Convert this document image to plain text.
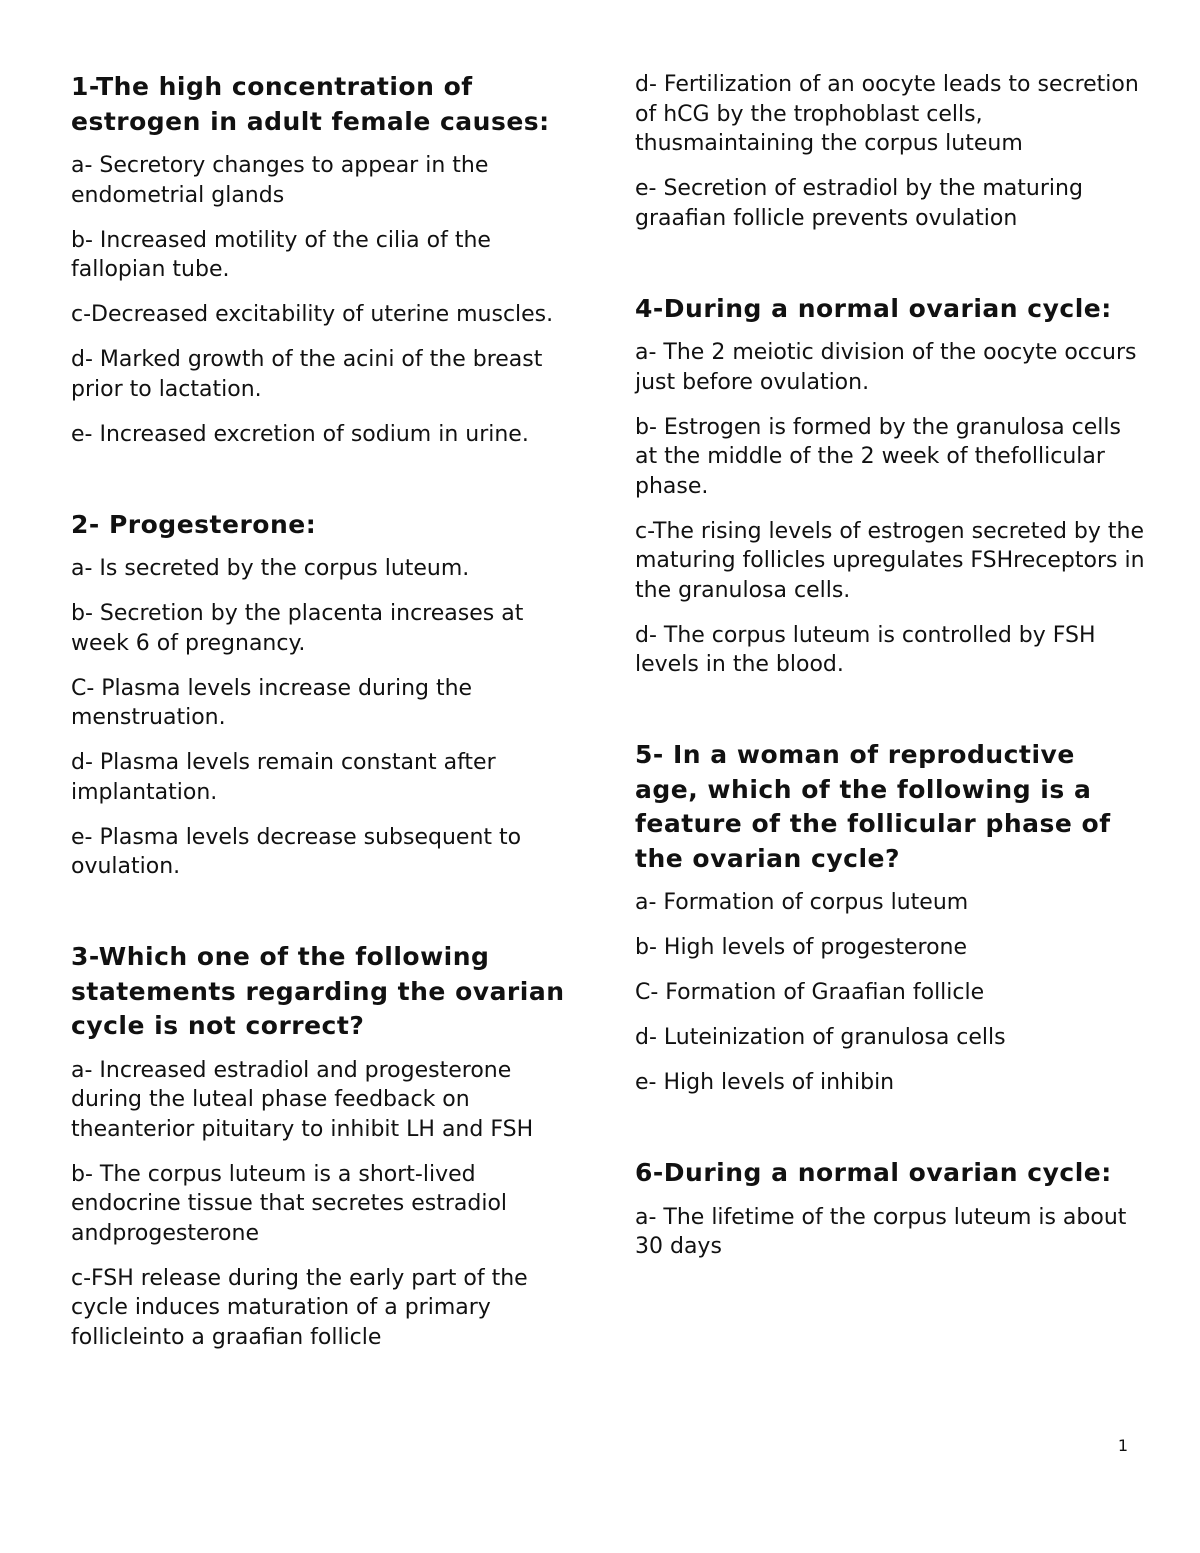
1-The high concentration of estrogen in adult female causes:
a- Secretory changes to appear in the endometrial glands
b- Increased motility of the cilia of the fallopian tube.
c-Decreased excitability of uterine muscles.
d- Marked growth of the acini of the breast prior to lactation.
e- Increased excretion of sodium in urine.
2- Progesterone:
a- Is secreted by the corpus luteum.
b- Secretion by the placenta increases at week 6 of pregnancy.
C- Plasma levels increase during the menstruation.
d- Plasma levels remain constant after implantation.
e- Plasma levels decrease subsequent to ovulation.
3-Which one of the following statements regarding the ovarian cycle is not correct?
a- Increased estradiol and progesterone during the luteal phase feedback on theanterior pituitary to inhibit LH and FSH
b- The corpus luteum is a short-lived endocrine tissue that secretes estradiol andprogesterone
c-FSH release during the early part of the cycle induces maturation of a primary follicleinto a graafian follicle
d- Fertilization of an oocyte leads to secretion of hCG by the trophoblast cells, thusmaintaining the corpus luteum
e- Secretion of estradiol by the maturing graafian follicle prevents ovulation
4-During a normal ovarian cycle:
a- The 2 meiotic division of the oocyte occurs just before ovulation.
b- Estrogen is formed by the granulosa cells at the middle of the 2 week of thefollicular phase.
c-The rising levels of estrogen secreted by the maturing follicles upregulates FSHreceptors in the granulosa cells.
d- The corpus luteum is controlled by FSH levels in the blood.
5- In a woman of reproductive age, which of the following is a feature of the follicular phase of the ovarian cycle?
a- Formation of corpus luteum
b- High levels of progesterone
C- Formation of Graafian follicle
d- Luteinization of granulosa cells
e- High levels of inhibin
6-During a normal ovarian cycle:
a- The lifetime of the corpus luteum is about 30 days
1
